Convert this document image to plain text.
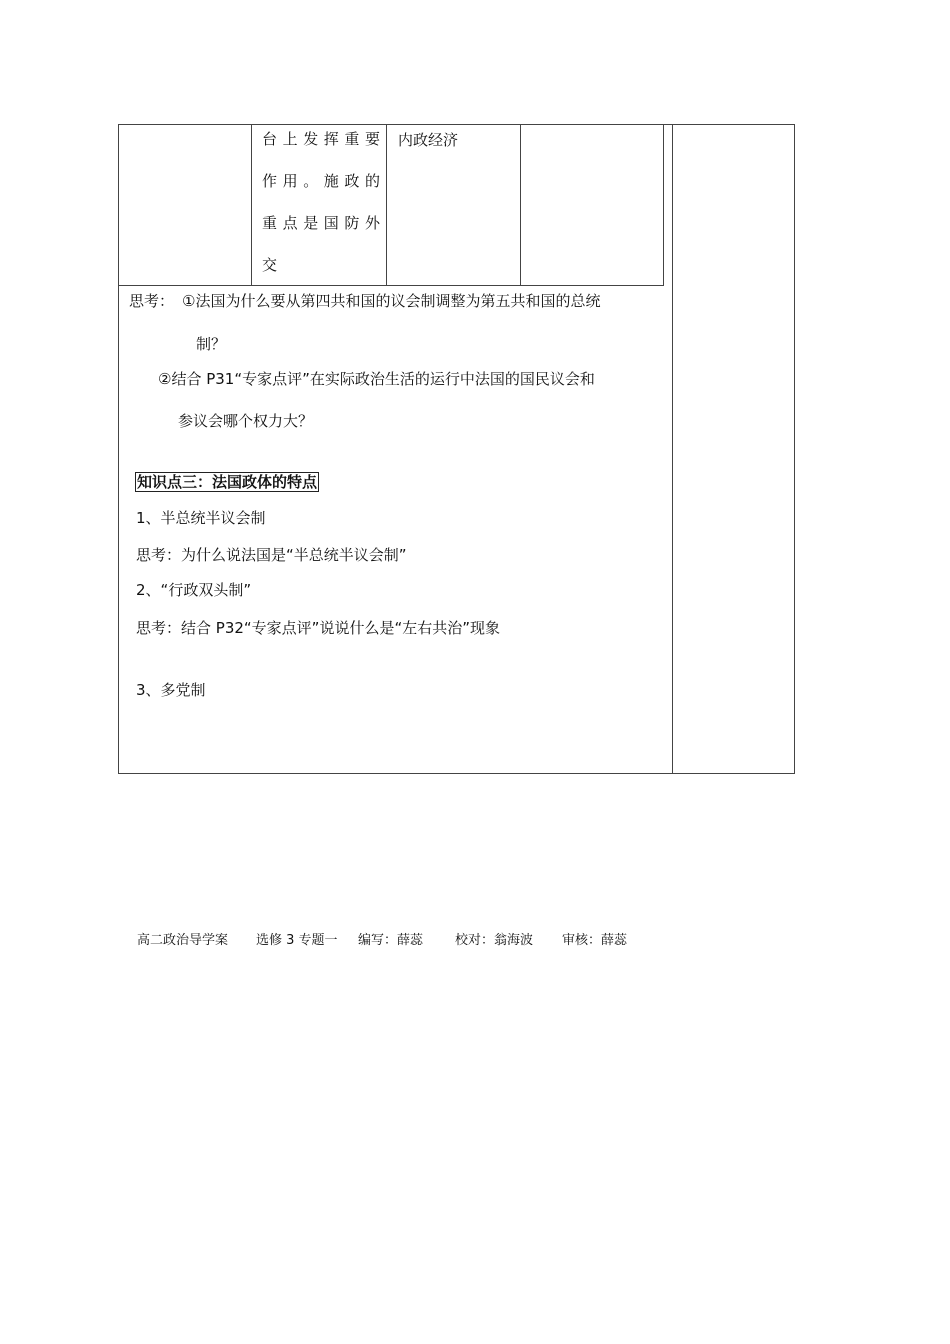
台上发挥重要
作用。施政的
重点是国防外
交
内政经济
思考： ①法国为什么要从第四共和国的议会制调整为第五共和国的总统
制？
②结合 P31“专家点评”在实际政治生活的运行中法国的国民议会和
参议会哪个权力大？
知识点三：法国政体的特点
1、半总统半议会制
思考：为什么说法国是“半总统半议会制”
2、“行政双头制”
思考：结合 P32“专家点评”说说什么是“左右共治”现象
3、多党制
高二政治导学案 选修 3 专题一 编写：薛蕊 校对：翁海波 审核：薛蕊
